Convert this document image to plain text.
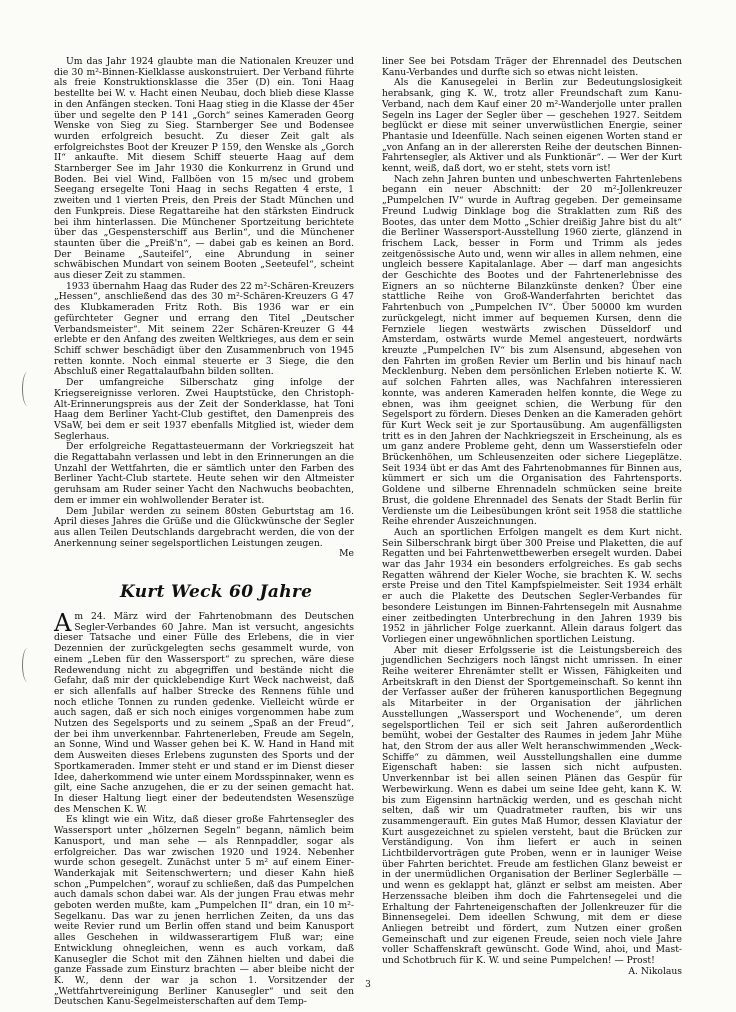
Um das Jahr 1924 glaubte man die Nationalen Kreuzer und die 30 m²-Binnen-Kielklasse auskonstruiert. Der Verband führte als freie Konstruktionsklasse die 35er (D) ein. Toni Haag bestellte bei W. v. Hacht einen Neubau, doch blieb diese Klasse in den Anfängen stecken. Toni Haag stieg in die Klasse der 45er über und segelte den P 141 „Gorch“ seines Kameraden Georg Wenske von Sieg zu Sieg. Starnberger See und Bodensee wurden erfolgreich besucht. Zu dieser Zeit galt als erfolgreichstes Boot der Kreuzer P 159, den Wenske als „Gorch II“ ankaufte. Mit diesem Schiff steuerte Haag auf dem Starnberger See im Jahr 1930 die Konkurrenz in Grund und Boden. Bei viel Wind, Fallböen von 15 m/sec und grobem Seegang ersegelte Toni Haag in sechs Regatten 4 erste, 1 zweiten und 1 vierten Preis, den Preis der Stadt München und den Funkpreis. Diese Regattareihe hat den stärksten Eindruck bei ihm hinterlassen. Die Münchener Sportzeitung berichtete über das „Gespensterschiff aus Berlin“, und die Münchener staunten über die „Preiß'n“, — dabei gab es keinen an Bord. Der Beiname „Sauteifel“, eine Abrundung in seiner schwäbischen Mundart von seinem Booten „Seeteufel“, scheint aus dieser Zeit zu stammen.

1933 übernahm Haag das Ruder des 22 m²-Schären-Kreuzers „Hessen“, anschließend das des 30 m²-Schären-Kreuzers G 47 des Klubkameraden Fritz Roth. Bis 1936 war er ein gefürchteter Gegner und errang den Titel „Deutscher Verbandsmeister“. Mit seinem 22er Schären-Kreuzer G 44 erlebte er den Anfang des zweiten Weltkrieges, aus dem er sein Schiff schwer beschädigt über den Zusammenbruch von 1945 retten konnte. Noch einmal steuerte er 3 Siege, die den Abschluß einer Regattalaufbahn bilden sollten.

Der umfangreiche Silberschatz ging infolge der Kriegsereignisse verloren. Zwei Hauptstücke, den Christoph-Alt-Erinnerungspreis aus der Zeit der Sonderklasse, hat Toni Haag dem Berliner Yacht-Club gestiftet, den Damenpreis des VSaW, bei dem er seit 1937 ebenfalls Mitglied ist, wieder dem Seglerhaus.

Der erfolgreiche Regattasteuermann der Vorkriegszeit hat die Regattabahn verlassen und lebt in den Erinnerungen an die Unzahl der Wettfahrten, die er sämtlich unter den Farben des Berliner Yacht-Club startete. Heute sehen wir den Altmeister geruhsam am Ruder seiner Yacht den Nachwuchs beobachten, dem er immer ein wohlwollender Berater ist.

Dem Jubilar werden zu seinem 80sten Geburtstag am 16. April dieses Jahres die Grüße und die Glückwünsche der Segler aus allen Teilen Deutschlands dargebracht werden, die von der Anerkennung seiner segelsportlichen Leistungen zeugen.

Me

Kurt Weck 60 Jahre

Am 24. März wird der Fahrtenobmann des Deutschen Segler-Verbandes 60 Jahre. Man ist versucht, angesichts dieser Tatsache und einer Fülle des Erlebens, die in vier Dezennien der zurückgelegten sechs gesammelt wurde, von einem „Leben für den Wassersport“ zu sprechen, wäre diese Redewendung nicht zu abgegriffen und bestände nicht die Gefahr, daß mir der quicklebendige Kurt Weck nachweist, daß er sich allenfalls auf halber Strecke des Rennens fühle und noch etliche Tonnen zu runden gedenke. Vielleicht würde er auch sagen, daß er sich noch einiges vorgenommen habe zum Nutzen des Segelsports und zu seinem „Spaß an der Freud“, der bei ihm unverkennbar. Fahrtenerleben, Freude am Segeln, an Sonne, Wind und Wasser gehen bei K. W. Hand in Hand mit dem Ausweiten dieses Erlebens zugunsten des Sports und der Sportkameraden. Immer steht er und stand er im Dienst dieser Idee, daherkommend wie unter einem Mordsspinnaker, wenn es gilt, eine Sache anzugehen, die er zu der seinen gemacht hat. In dieser Haltung liegt einer der bedeutendsten Wesenszüge des Menschen K. W.

Es klingt wie ein Witz, daß dieser große Fahrtensegler des Wassersport unter „hölzernen Segeln“ begann, nämlich beim Kanusport, und man sehe — als Rennpaddler, sogar als erfolgreicher. Das war zwischen 1920 und 1924. Nebenher wurde schon gesegelt. Zunächst unter 5 m² auf einem Einer-Wanderkajak mit Seitenschwertern; und dieser Kahn hieß schon „Pumpelchen“, worauf zu schließen, daß das Pumpelchen auch damals schon dabei war. Als der jungen Frau etwas mehr geboten werden mußte, kam „Pumpelchen II“ dran, ein 10 m²-Segelkanu. Das war zu jenen herrlichen Zeiten, da uns das weite Revier rund um Berlin offen stand und beim Kanusport alles Geschehen in wildwasserartigem Fluß war; eine Entwicklung ohnegleichen, wenn es auch vorkam, daß Kanusegler die Schot mit den Zähnen hielten und dabei die ganze Fassade zum Einsturz brachten — aber bleibe nicht der K. W., denn der war ja schon 1. Vorsitzender der „Wettfahrtvereinigung Berliner Kanusegler“ und seit den Deutschen Kanu-Segelmeisterschaften auf dem Temp-

liner See bei Potsdam Träger der Ehrennadel des Deutschen Kanu-Verbandes und durfte sich so etwas nicht leisten.

Als die Kanusegelei in Berlin zur Bedeutungslosigkeit herabsank, ging K. W., trotz aller Freundschaft zum Kanu-Verband, nach dem Kauf einer 20 m²-Wanderjolle unter prallen Segeln ins Lager der Segler über — geschehen 1927. Seitdem beglückt er diese mit seiner unverwüstlichen Energie, seiner Phantasie und Ideenfülle. Nach seinen eigenen Worten stand er „von Anfang an in der allerersten Reihe der deutschen Binnen-Fahrtensegler, als Aktiver und als Funktionär“. — Wer der Kurt kennt, weiß, daß dort, wo er steht, stets vorn ist!

Nach zehn Jahren bunten und unbeschwerten Fahrtenlebens begann ein neuer Abschnitt: der 20 m²-Jollenkreuzer „Pumpelchen IV“ wurde in Auftrag gegeben. Der gemeinsame Freund Ludwig Dinklage bog die Straklatten zum Riß des Bootes, das unter dem Motto „Schier dreißig Jahre bist du alt“ die Berliner Wassersport-Ausstellung 1960 zierte, glänzend in frischem Lack, besser in Form und Trimm als jedes zeitgenössische Auto und, wenn wir alles in allem nehmen, eine ungleich bessere Kapitalanlage. Aber — darf man angesichts der Geschichte des Bootes und der Fahrtenerlebnisse des Eigners an so nüchterne Bilanzkünste denken? Über eine stattliche Reihe von Groß-Wanderfahrten berichtet das Fahrtenbuch von „Pumpelchen IV“. Über 50000 km wurden zurückgelegt, nicht immer auf bequemen Kursen, denn die Fernziele liegen westwärts zwischen Düsseldorf und Amsterdam, ostwärts wurde Memel angesteuert, nordwärts kreuzte „Pumpelchen IV“ bis zum Alsensund, abgesehen von den Fahrten im großen Revier um Berlin und bis hinauf nach Mecklenburg. Neben dem persönlichen Erleben notierte K. W. auf solchen Fahrten alles, was Nachfahren interessieren konnte, was anderen Kameraden helfen konnte, die Wege zu ebnen, was ihm geeignet schien, die Werbung für den Segelsport zu fördern. Dieses Denken an die Kameraden gehört für Kurt Weck seit je zur Sportausübung. Am augenfälligsten tritt es in den Jahren der Nachkriegszeit in Erscheinung, als es um ganz andere Probleme geht, denn um Wasserstiefeln oder Brückenhöhen, um Schleusenzeiten oder sichere Liegeplätze. Seit 1934 übt er das Amt des Fahrtenobmannes für Binnen aus, kümmert er sich um die Organisation des Fahrtensports. Goldene und silberne Ehrennadeln schmücken seine breite Brust, die goldene Ehrennadel des Senats der Stadt Berlin für Verdienste um die Leibesübungen krönt seit 1958 die stattliche Reihe ehrender Auszeichnungen.

Auch an sportlichen Erfolgen mangelt es dem Kurt nicht. Sein Silberschrank birgt über 300 Preise und Plaketten, die auf Regatten und bei Fahrtenwettbewerben ersegelt wurden. Dabei war das Jahr 1934 ein besonders erfolgreiches. Es gab sechs Regatten während der Kieler Woche, sie brachten K. W. sechs erste Preise und den Titel Kampfspielmeister. Seit 1934 erhält er auch die Plakette des Deutschen Segler-Verbandes für besondere Leistungen im Binnen-Fahrtensegeln mit Ausnahme einer zeitbedingten Unterbrechung in den Jahren 1939 bis 1952 in jährlicher Folge zuerkannt. Allein daraus folgert das Vorliegen einer ungewöhnlichen sportlichen Leistung.

Aber mit dieser Erfolgsserie ist die Leistungsbereich des jugendlichen Sechzigers noch längst nicht umrissen. In einer Reihe weiterer Ehrenämter stellt er Wissen, Fähigkeiten und Arbeitskraft in den Dienst der Sportgemeinschaft. So kennt ihn der Verfasser außer der früheren kanusportlichen Begegnung als Mitarbeiter in der Organisation der jährlichen Ausstellungen „Wassersport und Wochenende“, um deren segelsportlichen Teil er sich seit Jahren außerordentlich bemüht, wobei der Gestalter des Raumes in jedem Jahr Mühe hat, den Strom der aus aller Welt heranschwimmenden „Weck-Schiffe“ zu dämmen, weil Ausstellungshallen eine dumme Eigenschaft haben: sie lassen sich nicht aufpusten. Unverkennbar ist bei allen seinen Plänen das Gespür für Werbewirkung. Wenn es dabei um seine Idee geht, kann K. W. bis zum Eigensinn hartnäckig werden, und es geschah nicht selten, daß wir um Quadratmeter rauften, bis wir uns zusammengerauft. Ein gutes Maß Humor, dessen Klaviatur der Kurt ausgezeichnet zu spielen versteht, baut die Brücken zur Verständigung. Von ihm liefert er auch in seinen Lichtbildervorträgen gute Proben, wenn er in launiger Weise über Fahrten berichtet. Freude am festlichen Glanz beweist er in der unermüdlichen Organisation der Berliner Seglerbälle — und wenn es geklappt hat, glänzt er selbst am meisten. Aber Herzenssache bleiben ihm doch die Fahrtensegelei und die Erhaltung der Fahrteneigenschaften der Jollenkreuzer für die Binnensegelei. Dem ideellen Schwung, mit dem er diese Anliegen betreibt und fördert, zum Nutzen einer großen Gemeinschaft und zur eigenen Freude, seien noch viele Jahre voller Schaffenskraft gewünscht. Gode Wind, ahoi, und Mast- und Schotbruch für K. W. und seine Pumpelchen! — Prost!

A. Nikolaus

3
